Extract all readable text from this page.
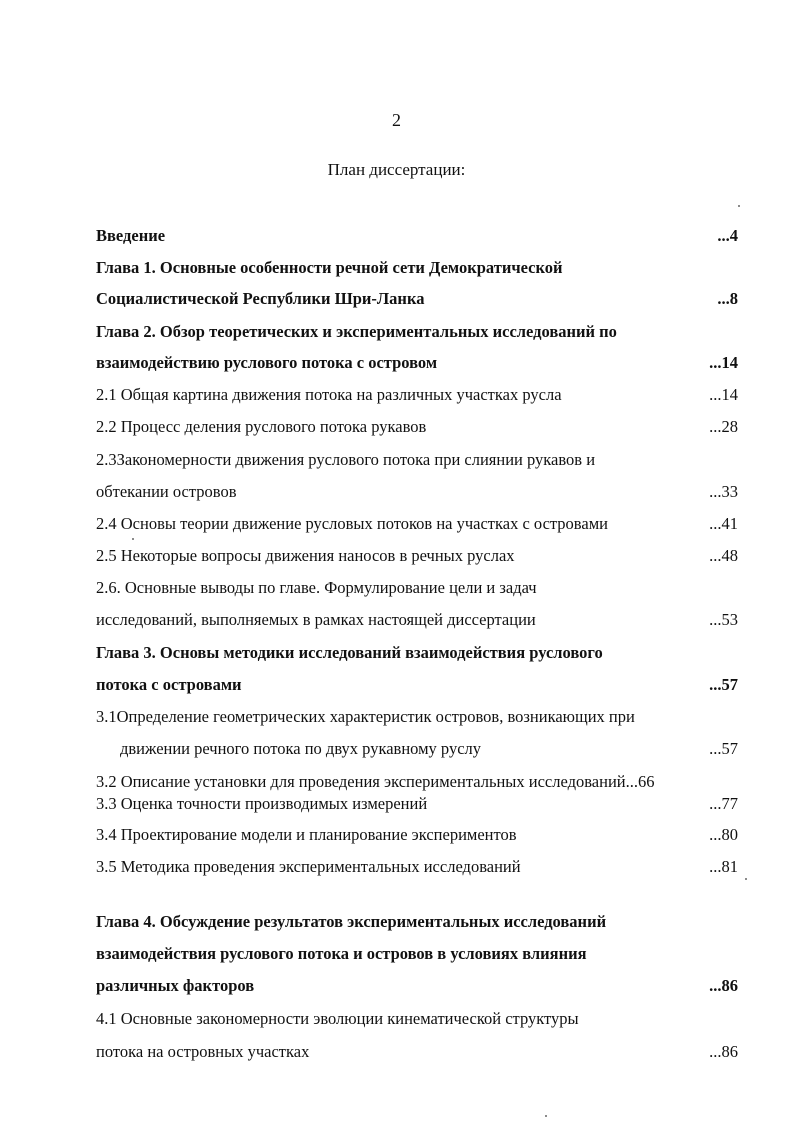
2
План диссертации:
Введение	...4
Глава 1. Основные особенности речной сети Демократической
Социалистической Республики Шри-Ланка	...8
Глава 2. Обзор теоретических и экспериментальных исследований по
взаимодействию руслового потока с островом	...14
2.1 Общая картина движения потока на различных участках русла	...14
2.2 Процесс деления руслового потока рукавов	...28
2.3Закономерности движения руслового потока при слиянии рукавов и
обтекании островов	...33
2.4 Основы теории движение русловых потоков на участках с островами	...41
2.5 Некоторые вопросы движения наносов в речных руслах	...48
2.6. Основные выводы по главе. Формулирование цели и задач
исследований, выполняемых в рамках настоящей диссертации	...53
Глава 3. Основы методики исследований взаимодействия руслового
потока с островами	...57
3.1Определение геометрических характеристик островов, возникающих при
движении речного потока по двух рукавному руслу	...57
3.2 Описание установки для проведения экспериментальных исследований...66
3.3 Оценка точности производимых измерений	...77
3.4 Проектирование модели и планирование экспериментов	...80
3.5 Методика проведения экспериментальных исследований	...81
Глава 4. Обсуждение результатов экспериментальных исследований
взаимодействия руслового потока и островов в условиях влияния
различных факторов	...86
4.1 Основные закономерности эволюции кинематической структуры
потока на островных участках	...86
